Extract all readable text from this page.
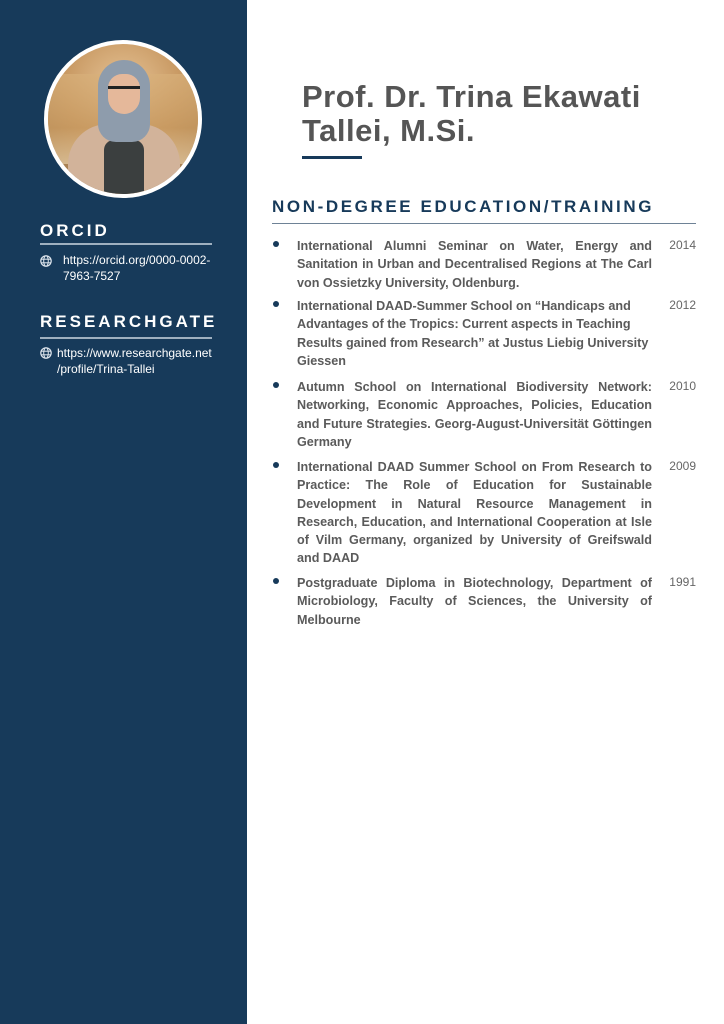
ORCID
https://orcid.org/0000-0002-
7963-7527
RESEARCHGATE
https://www.researchgate.net
/profile/Trina-Tallei
Prof. Dr. Trina Ekawati Tallei, M.Si.
NON-DEGREE EDUCATION/TRAINING
International Alumni Seminar on Water, Energy and Sanitation in Urban and Decentralised Regions at The Carl von Ossietzky University, Oldenburg.
2014
International DAAD-Summer School on “Handicaps and Advantages of the Tropics: Current aspects in Teaching Results gained from Research” at Justus Liebig University Giessen
2012
Autumn School on International Biodiversity Network: Networking, Economic Approaches, Policies, Education and Future Strategies. Georg-August-Universität Göttingen Germany
2010
International DAAD Summer School on From Research to Practice: The Role of Education for Sustainable Development in Natural Resource Management in Research, Education, and International Cooperation at Isle of Vilm Germany, organized by University of Greifswald and DAAD
2009
Postgraduate Diploma in Biotechnology, Department of Microbiology, Faculty of Sciences, the University of Melbourne
1991
